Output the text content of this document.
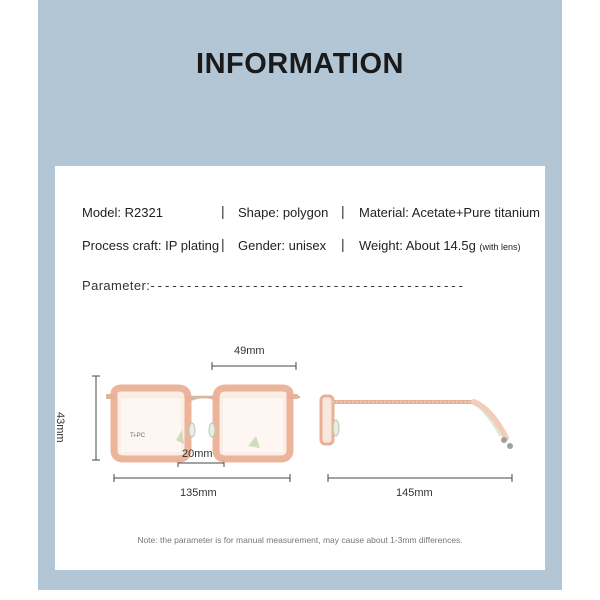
INFORMATION
Model: R2321	| Shape: polygon | Material: Acetate+Pure titanium
Process craft: IP plating | Gender: unisex | Weight: About 14.5g (with lens)
Parameter:- - - - - - - - - - - - - - - - - - - - - - - - - - - - - - - - - - - - - - - - - - -
Ti-PC
49mm
43mm
20mm
135mm	145mm
Note: the parameter is for manual measurement, may cause about 1-3mm differences.
